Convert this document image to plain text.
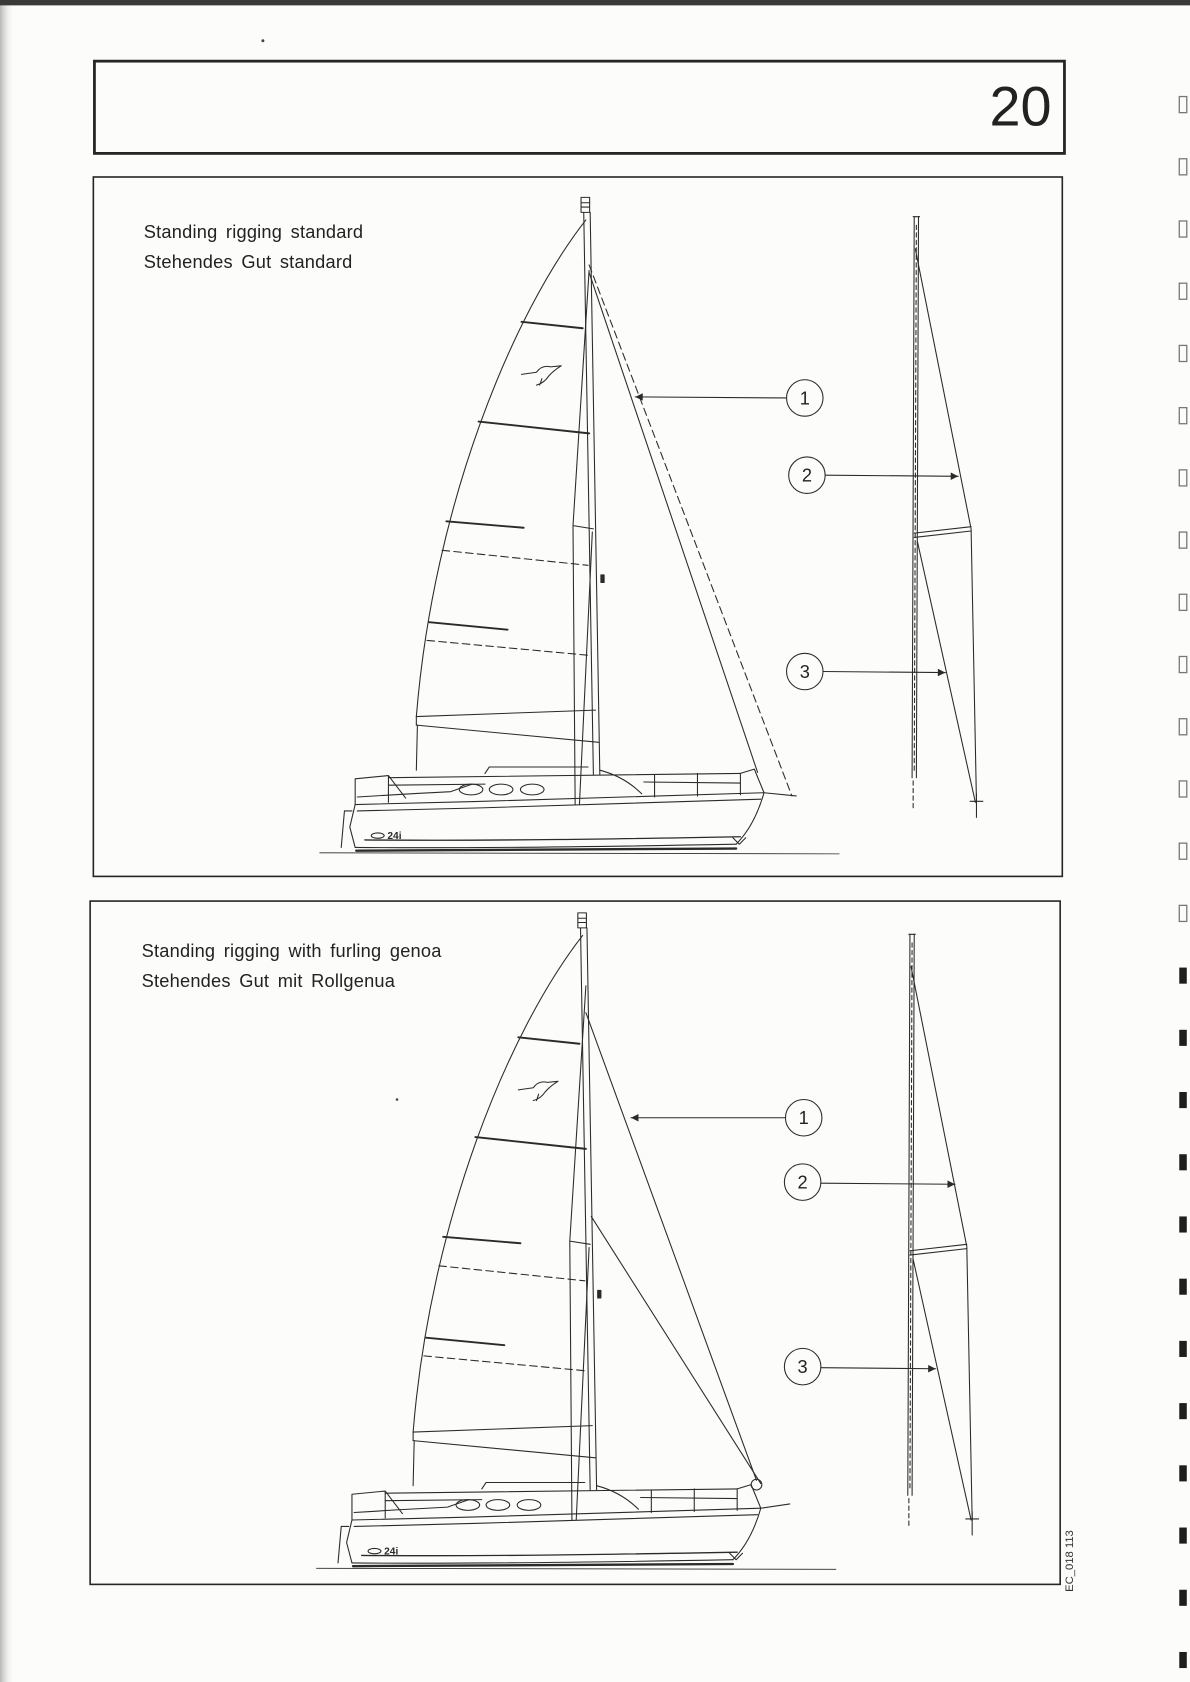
20
Standing rigging standard
Stehendes Gut standard
24i
1
2
3
Standing rigging with furling genoa
Stehendes Gut mit Rollgenua
1
2
3
EC_018 113
